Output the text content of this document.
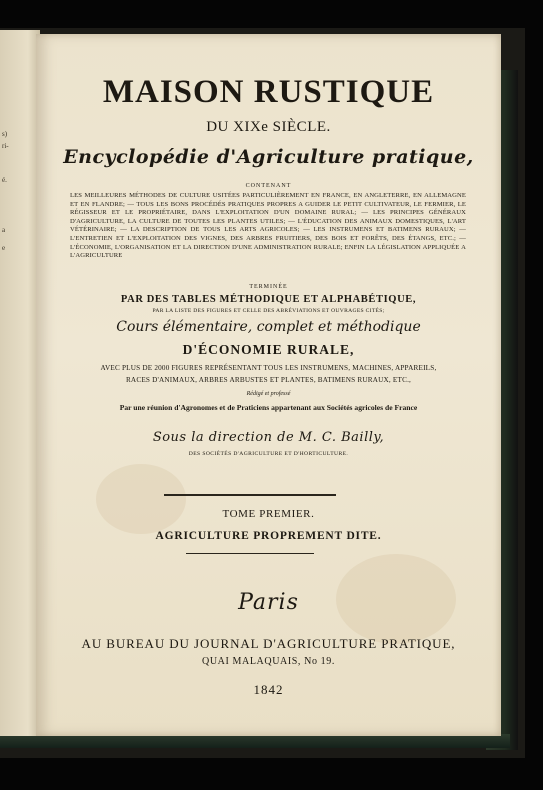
s)
ri-
é.
a
e
MAISON RUSTIQUE
DU XIXe SIÈCLE.
Encyclopédie d'Agriculture pratique,
CONTENANT
LES MEILLEURES MÉTHODES DE CULTURE USITÉES PARTICULIÈREMENT EN FRANCE, EN ANGLETERRE, EN ALLEMAGNE ET EN FLANDRE; — TOUS LES BONS PROCÉDÉS PRATIQUES PROPRES A GUIDER LE PETIT CULTIVATEUR, LE FERMIER, LE RÉGISSEUR ET LE PROPRIÉTAIRE, DANS L'EXPLOITATION D'UN DOMAINE RURAL; — LES PRINCIPES GÉNÉRAUX D'AGRICULTURE, LA CULTURE DE TOUTES LES PLANTES UTILES; — L'ÉDUCATION DES ANIMAUX DOMESTIQUES, L'ART VÉTÉRINAIRE; — LA DESCRIPTION DE TOUS LES ARTS AGRICOLES; — LES INSTRUMENS ET BATIMENS RURAUX; — L'ENTRETIEN ET L'EXPLOITATION DES VIGNES, DES ARBRES FRUITIERS, DES BOIS ET FORÊTS, DES ÉTANGS, ETC.; — L'ÉCONOMIE, L'ORGANISATION ET LA DIRECTION D'UNE ADMINISTRATION RURALE; ENFIN LA LÉGISLATION APPLIQUÉE A L'AGRICULTURE
TERMINÉE
PAR DES TABLES MÉTHODIQUE ET ALPHABÉTIQUE,
PAR LA LISTE DES FIGURES ET CELLE DES ABRÉVIATIONS ET OUVRAGES CITÉS;
Cours élémentaire, complet et méthodique
D'ÉCONOMIE RURALE,
AVEC PLUS DE 2000 FIGURES REPRÉSENTANT TOUS LES INSTRUMENS, MACHINES, APPAREILS,
RACES D'ANIMAUX, ARBRES ARBUSTES ET PLANTES, BATIMENS RURAUX, ETC.,
Rédigé et professé
Par une réunion d'Agronomes et de Praticiens appartenant aux Sociétés agricoles de France
Sous la direction de M. C. Bailly,
DES SOCIÉTÉS D'AGRICULTURE ET D'HORTICULTURE.
TOME PREMIER.
AGRICULTURE PROPREMENT DITE.
Paris
AU BUREAU DU JOURNAL D'AGRICULTURE PRATIQUE,
QUAI MALAQUAIS, No 19.
1842
